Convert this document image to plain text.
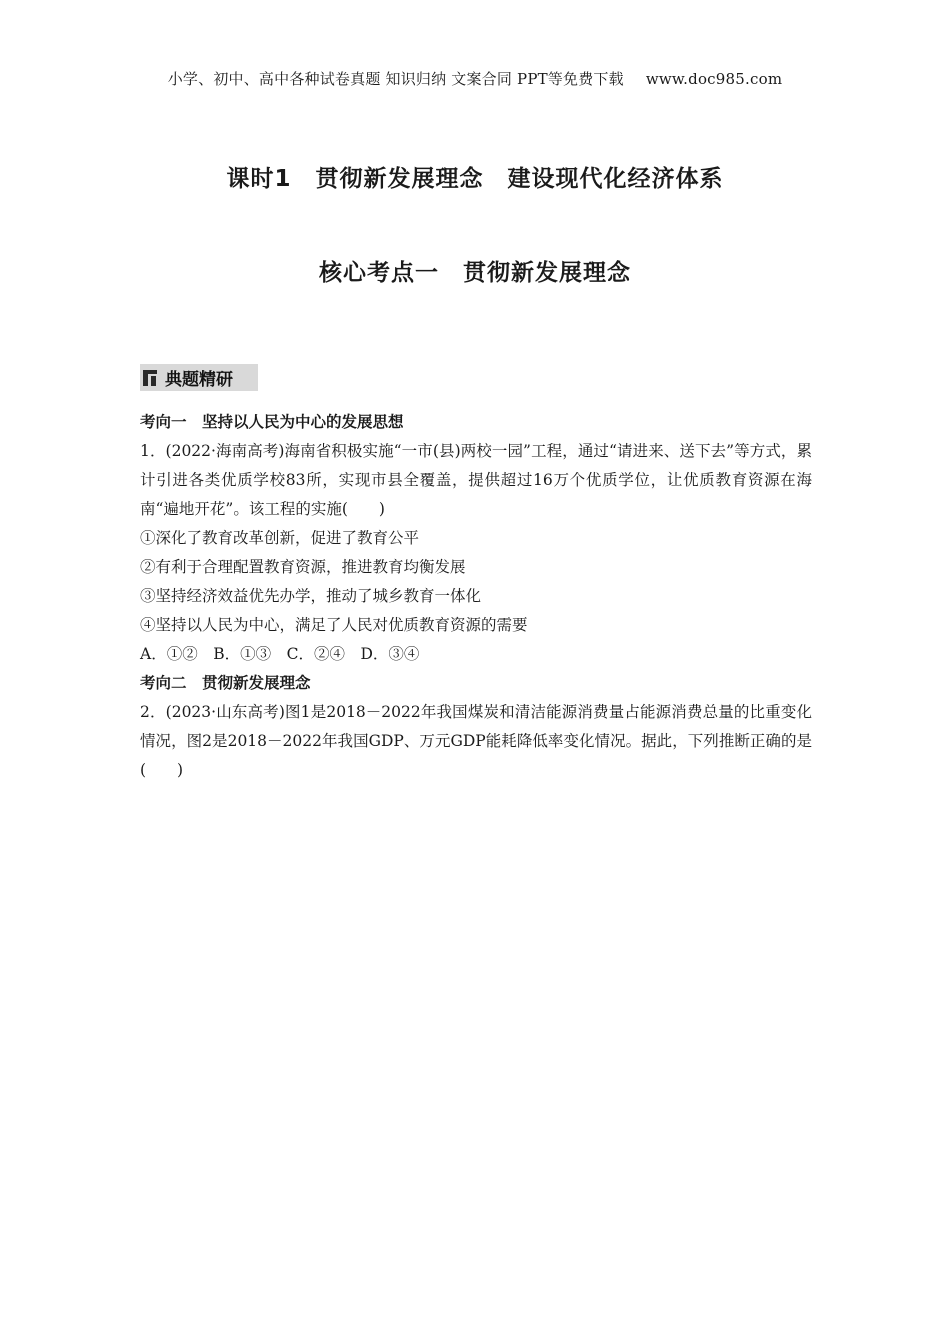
小学、初中、高中各种试卷真题 知识归纳 文案合同 PPT等免费下载 www.doc985.com
课时1　贯彻新发展理念　建设现代化经济体系
核心考点一　贯彻新发展理念
典题精研
考向一　坚持以人民为中心的发展思想
1．(2022·海南高考)海南省积极实施“一市(县)两校一园”工程，通过“请进来、送下去”等方式，累计引进各类优质学校83所，实现市县全覆盖，提供超过16万个优质学位，让优质教育资源在海南“遍地开花”。该工程的实施(　　)
①深化了教育改革创新，促进了教育公平
②有利于合理配置教育资源，推进教育均衡发展
③坚持经济效益优先办学，推动了城乡教育一体化
④坚持以人民为中心，满足了人民对优质教育资源的需要
A．①②　B．①③　C．②④　D．③④
考向二　贯彻新发展理念
2．(2023·山东高考)图1是2018－2022年我国煤炭和清洁能源消费量占能源消费总量的比重变化情况，图2是2018－2022年我国GDP、万元GDP能耗降低率变化情况。据此，下列推断正确的是(　　)
